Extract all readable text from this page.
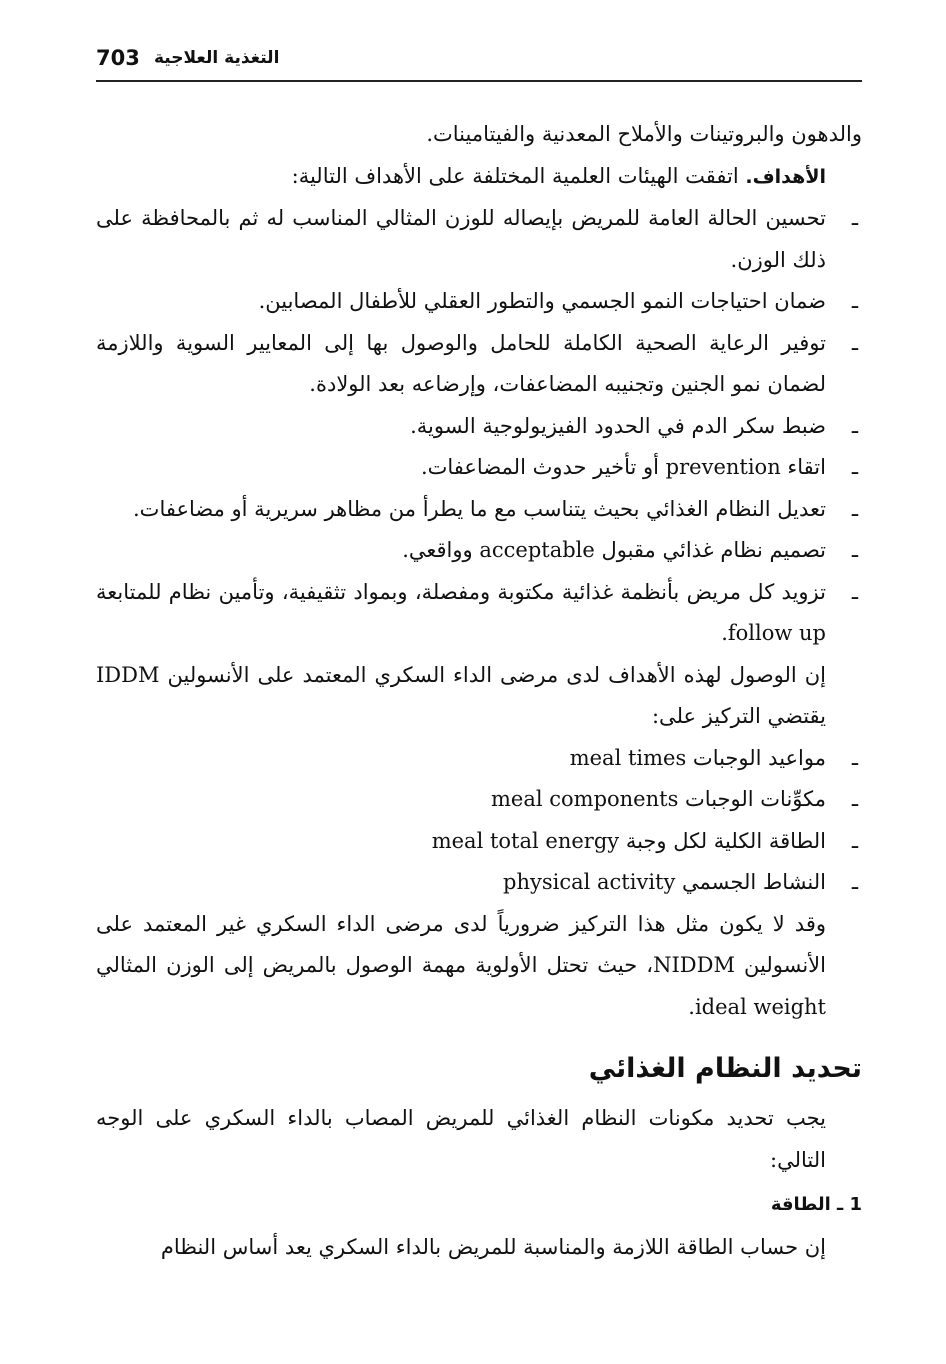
703 التغذية العلاجية

والدهون والبروتينات والأملاح المعدنية والفيتامينات.

الأهداف. اتفقت الهيئات العلمية المختلفة على الأهداف التالية:

ـ تحسين الحالة العامة للمريض بإيصاله للوزن المثالي المناسب له ثم بالمحافظة على ذلك الوزن.
ـ ضمان احتياجات النمو الجسمي والتطور العقلي للأطفال المصابين.
ـ توفير الرعاية الصحية الكاملة للحامل والوصول بها إلى المعايير السوية واللازمة لضمان نمو الجنين وتجنيبه المضاعفات، وإرضاعه بعد الولادة.
ـ ضبط سكر الدم في الحدود الفيزيولوجية السوية.
ـ اتقاء prevention أو تأخير حدوث المضاعفات.
ـ تعديل النظام الغذائي بحيث يتناسب مع ما يطرأ من مظاهر سريرية أو مضاعفات.
ـ تصميم نظام غذائي مقبول acceptable وواقعي.
ـ تزويد كل مريض بأنظمة غذائية مكتوبة ومفصلة، وبمواد تثقيفية، وتأمين نظام للمتابعة follow up.

إن الوصول لهذه الأهداف لدى مرضى الداء السكري المعتمد على الأنسولين IDDM يقتضي التركيز على:

ـ مواعيد الوجبات meal times
ـ مكوِّنات الوجبات meal components
ـ الطاقة الكلية لكل وجبة meal total energy
ـ النشاط الجسمي physical activity

وقد لا يكون مثل هذا التركيز ضرورياً لدى مرضى الداء السكري غير المعتمد على الأنسولين NIDDM، حيث تحتل الأولوية مهمة الوصول بالمريض إلى الوزن المثالي ideal weight.

تحديد النظام الغذائي

يجب تحديد مكونات النظام الغذائي للمريض المصاب بالداء السكري على الوجه التالي:

1 ـ الطاقة

إن حساب الطاقة اللازمة والمناسبة للمريض بالداء السكري يعد أساس النظام
